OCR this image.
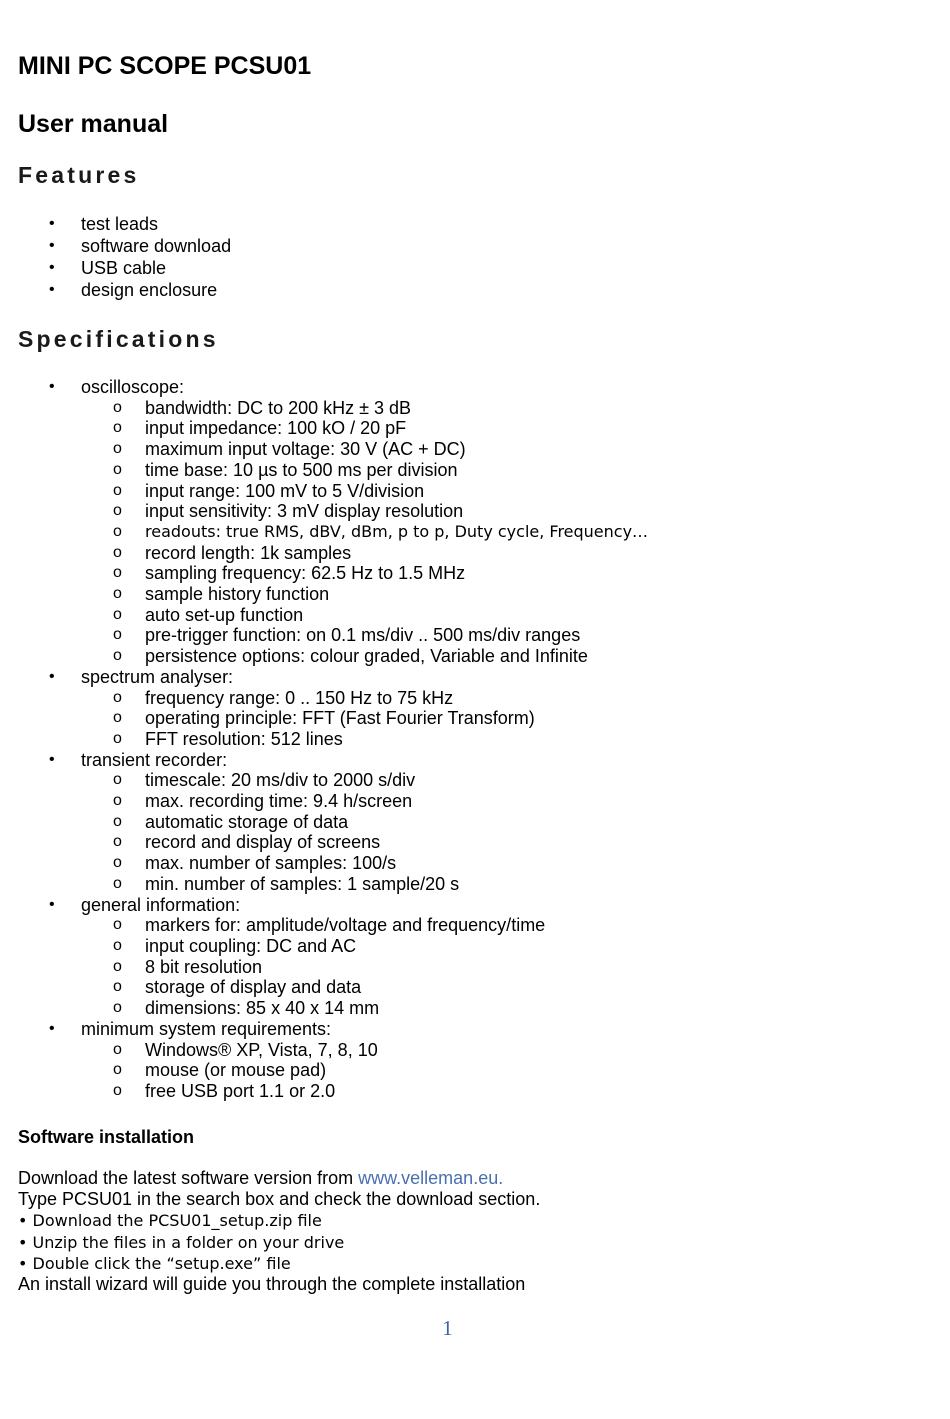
MINI PC SCOPE PCSU01
User manual
Features
• test leads
• software download
• USB cable
• design enclosure
Specifications
• oscilloscope:
o bandwidth: DC to 200 kHz ± 3 dB
o input impedance: 100 kO / 20 pF
o maximum input voltage: 30 V (AC + DC)
o time base: 10 µs to 500 ms per division
o input range: 100 mV to 5 V/division
o input sensitivity: 3 mV display resolution
o readouts: true RMS, dBV, dBm, p to p, Duty cycle, Frequency…
o record length: 1k samples
o sampling frequency: 62.5 Hz to 1.5 MHz
o sample history function
o auto set-up function
o pre-trigger function: on 0.1 ms/div .. 500 ms/div ranges
o persistence options: colour graded, Variable and Infinite
• spectrum analyser:
o frequency range: 0 .. 150 Hz to 75 kHz
o operating principle: FFT (Fast Fourier Transform)
o FFT resolution: 512 lines
• transient recorder:
o timescale: 20 ms/div to 2000 s/div
o max. recording time: 9.4 h/screen
o automatic storage of data
o record and display of screens
o max. number of samples: 100/s
o min. number of samples: 1 sample/20 s
• general information:
o markers for: amplitude/voltage and frequency/time
o input coupling: DC and AC
o 8 bit resolution
o storage of display and data
o dimensions: 85 x 40 x 14 mm
• minimum system requirements:
o Windows® XP, Vista, 7, 8, 10
o mouse (or mouse pad)
o free USB port 1.1 or 2.0
Software installation
Download the latest software version from www.velleman.eu.
Type PCSU01 in the search box and check the download section.
• Download the PCSU01_setup.zip file
• Unzip the files in a folder on your drive
• Double click the “setup.exe” file
An install wizard will guide you through the complete installation
1
